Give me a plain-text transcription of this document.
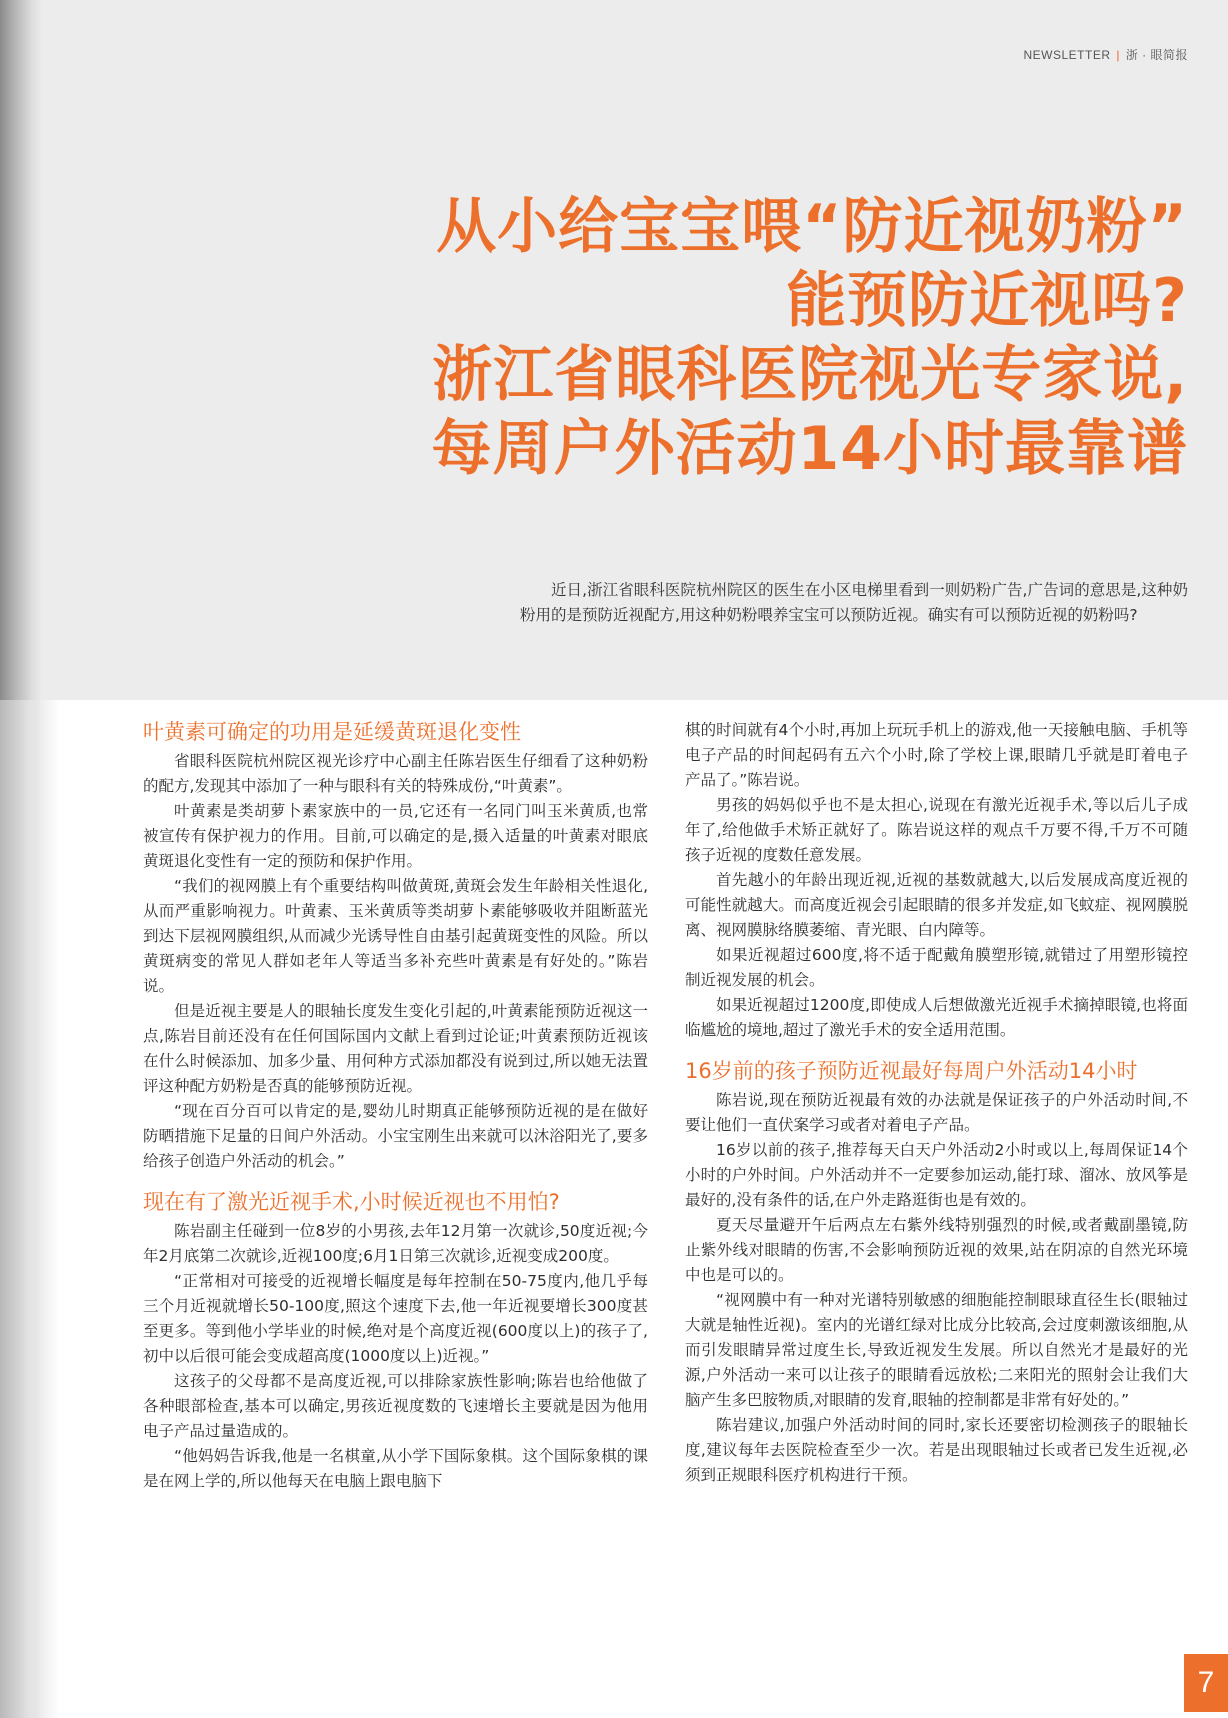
NEWSLETTER | 浙 · 眼简报
从小给宝宝喂“防近视奶粉”
能预防近视吗?
浙江省眼科医院视光专家说,
每周户外活动14小时最靠谱

近日,浙江省眼科医院杭州院区的医生在小区电梯里看到一则奶粉广告,广告词的意思是,这种奶粉用的是预防近视配方,用这种奶粉喂养宝宝可以预防近视。确实有可以预防近视的奶粉吗?

叶黄素可确定的功用是延缓黄斑退化变性

省眼科医院杭州院区视光诊疗中心副主任陈岩医生仔细看了这种奶粉的配方,发现其中添加了一种与眼科有关的特殊成份,“叶黄素”。

叶黄素是类胡萝卜素家族中的一员,它还有一名同门叫玉米黄质,也常被宣传有保护视力的作用。目前,可以确定的是,摄入适量的叶黄素对眼底黄斑退化变性有一定的预防和保护作用。

“我们的视网膜上有个重要结构叫做黄斑,黄斑会发生年龄相关性退化,从而严重影响视力。叶黄素、玉米黄质等类胡萝卜素能够吸收并阻断蓝光到达下层视网膜组织,从而减少光诱导性自由基引起黄斑变性的风险。所以黄斑病变的常见人群如老年人等适当多补充些叶黄素是有好处的。”陈岩说。

但是近视主要是人的眼轴长度发生变化引起的,叶黄素能预防近视这一点,陈岩目前还没有在任何国际国内文献上看到过论证;叶黄素预防近视该在什么时候添加、加多少量、用何种方式添加都没有说到过,所以她无法置评这种配方奶粉是否真的能够预防近视。

“现在百分百可以肯定的是,婴幼儿时期真正能够预防近视的是在做好防晒措施下足量的日间户外活动。小宝宝刚生出来就可以沐浴阳光了,要多给孩子创造户外活动的机会。”

现在有了激光近视手术,小时候近视也不用怕?

陈岩副主任碰到一位8岁的小男孩,去年12月第一次就诊,50度近视;今年2月底第二次就诊,近视100度;6月1日第三次就诊,近视变成200度。

“正常相对可接受的近视增长幅度是每年控制在50-75度内,他几乎每三个月近视就增长50-100度,照这个速度下去,他一年近视要增长300度甚至更多。等到他小学毕业的时候,绝对是个高度近视(600度以上)的孩子了,初中以后很可能会变成超高度(1000度以上)近视。”

这孩子的父母都不是高度近视,可以排除家族性影响;陈岩也给他做了各种眼部检查,基本可以确定,男孩近视度数的飞速增长主要就是因为他用电子产品过量造成的。

“他妈妈告诉我,他是一名棋童,从小学下国际象棋。这个国际象棋的课是在网上学的,所以他每天在电脑上跟电脑下

棋的时间就有4个小时,再加上玩玩手机上的游戏,他一天接触电脑、手机等电子产品的时间起码有五六个小时,除了学校上课,眼睛几乎就是盯着电子产品了。”陈岩说。

男孩的妈妈似乎也不是太担心,说现在有激光近视手术,等以后儿子成年了,给他做手术矫正就好了。陈岩说这样的观点千万要不得,千万不可随孩子近视的度数任意发展。

首先越小的年龄出现近视,近视的基数就越大,以后发展成高度近视的可能性就越大。而高度近视会引起眼睛的很多并发症,如飞蚊症、视网膜脱离、视网膜脉络膜萎缩、青光眼、白内障等。

如果近视超过600度,将不适于配戴角膜塑形镜,就错过了用塑形镜控制近视发展的机会。

如果近视超过1200度,即使成人后想做激光近视手术摘掉眼镜,也将面临尴尬的境地,超过了激光手术的安全适用范围。

16岁前的孩子预防近视最好每周户外活动14小时

陈岩说,现在预防近视最有效的办法就是保证孩子的户外活动时间,不要让他们一直伏案学习或者对着电子产品。

16岁以前的孩子,推荐每天白天户外活动2小时或以上,每周保证14个小时的户外时间。户外活动并不一定要参加运动,能打球、溜冰、放风筝是最好的,没有条件的话,在户外走路逛街也是有效的。

夏天尽量避开午后两点左右紫外线特别强烈的时候,或者戴副墨镜,防止紫外线对眼睛的伤害,不会影响预防近视的效果,站在阴凉的自然光环境中也是可以的。

“视网膜中有一种对光谱特别敏感的细胞能控制眼球直径生长(眼轴过大就是轴性近视)。室内的光谱红绿对比成分比较高,会过度刺激该细胞,从而引发眼睛异常过度生长,导致近视发生发展。所以自然光才是最好的光源,户外活动一来可以让孩子的眼睛看远放松;二来阳光的照射会让我们大脑产生多巴胺物质,对眼睛的发育,眼轴的控制都是非常有好处的。”

陈岩建议,加强户外活动时间的同时,家长还要密切检测孩子的眼轴长度,建议每年去医院检查至少一次。若是出现眼轴过长或者已发生近视,必须到正规眼科医疗机构进行干预。

7
